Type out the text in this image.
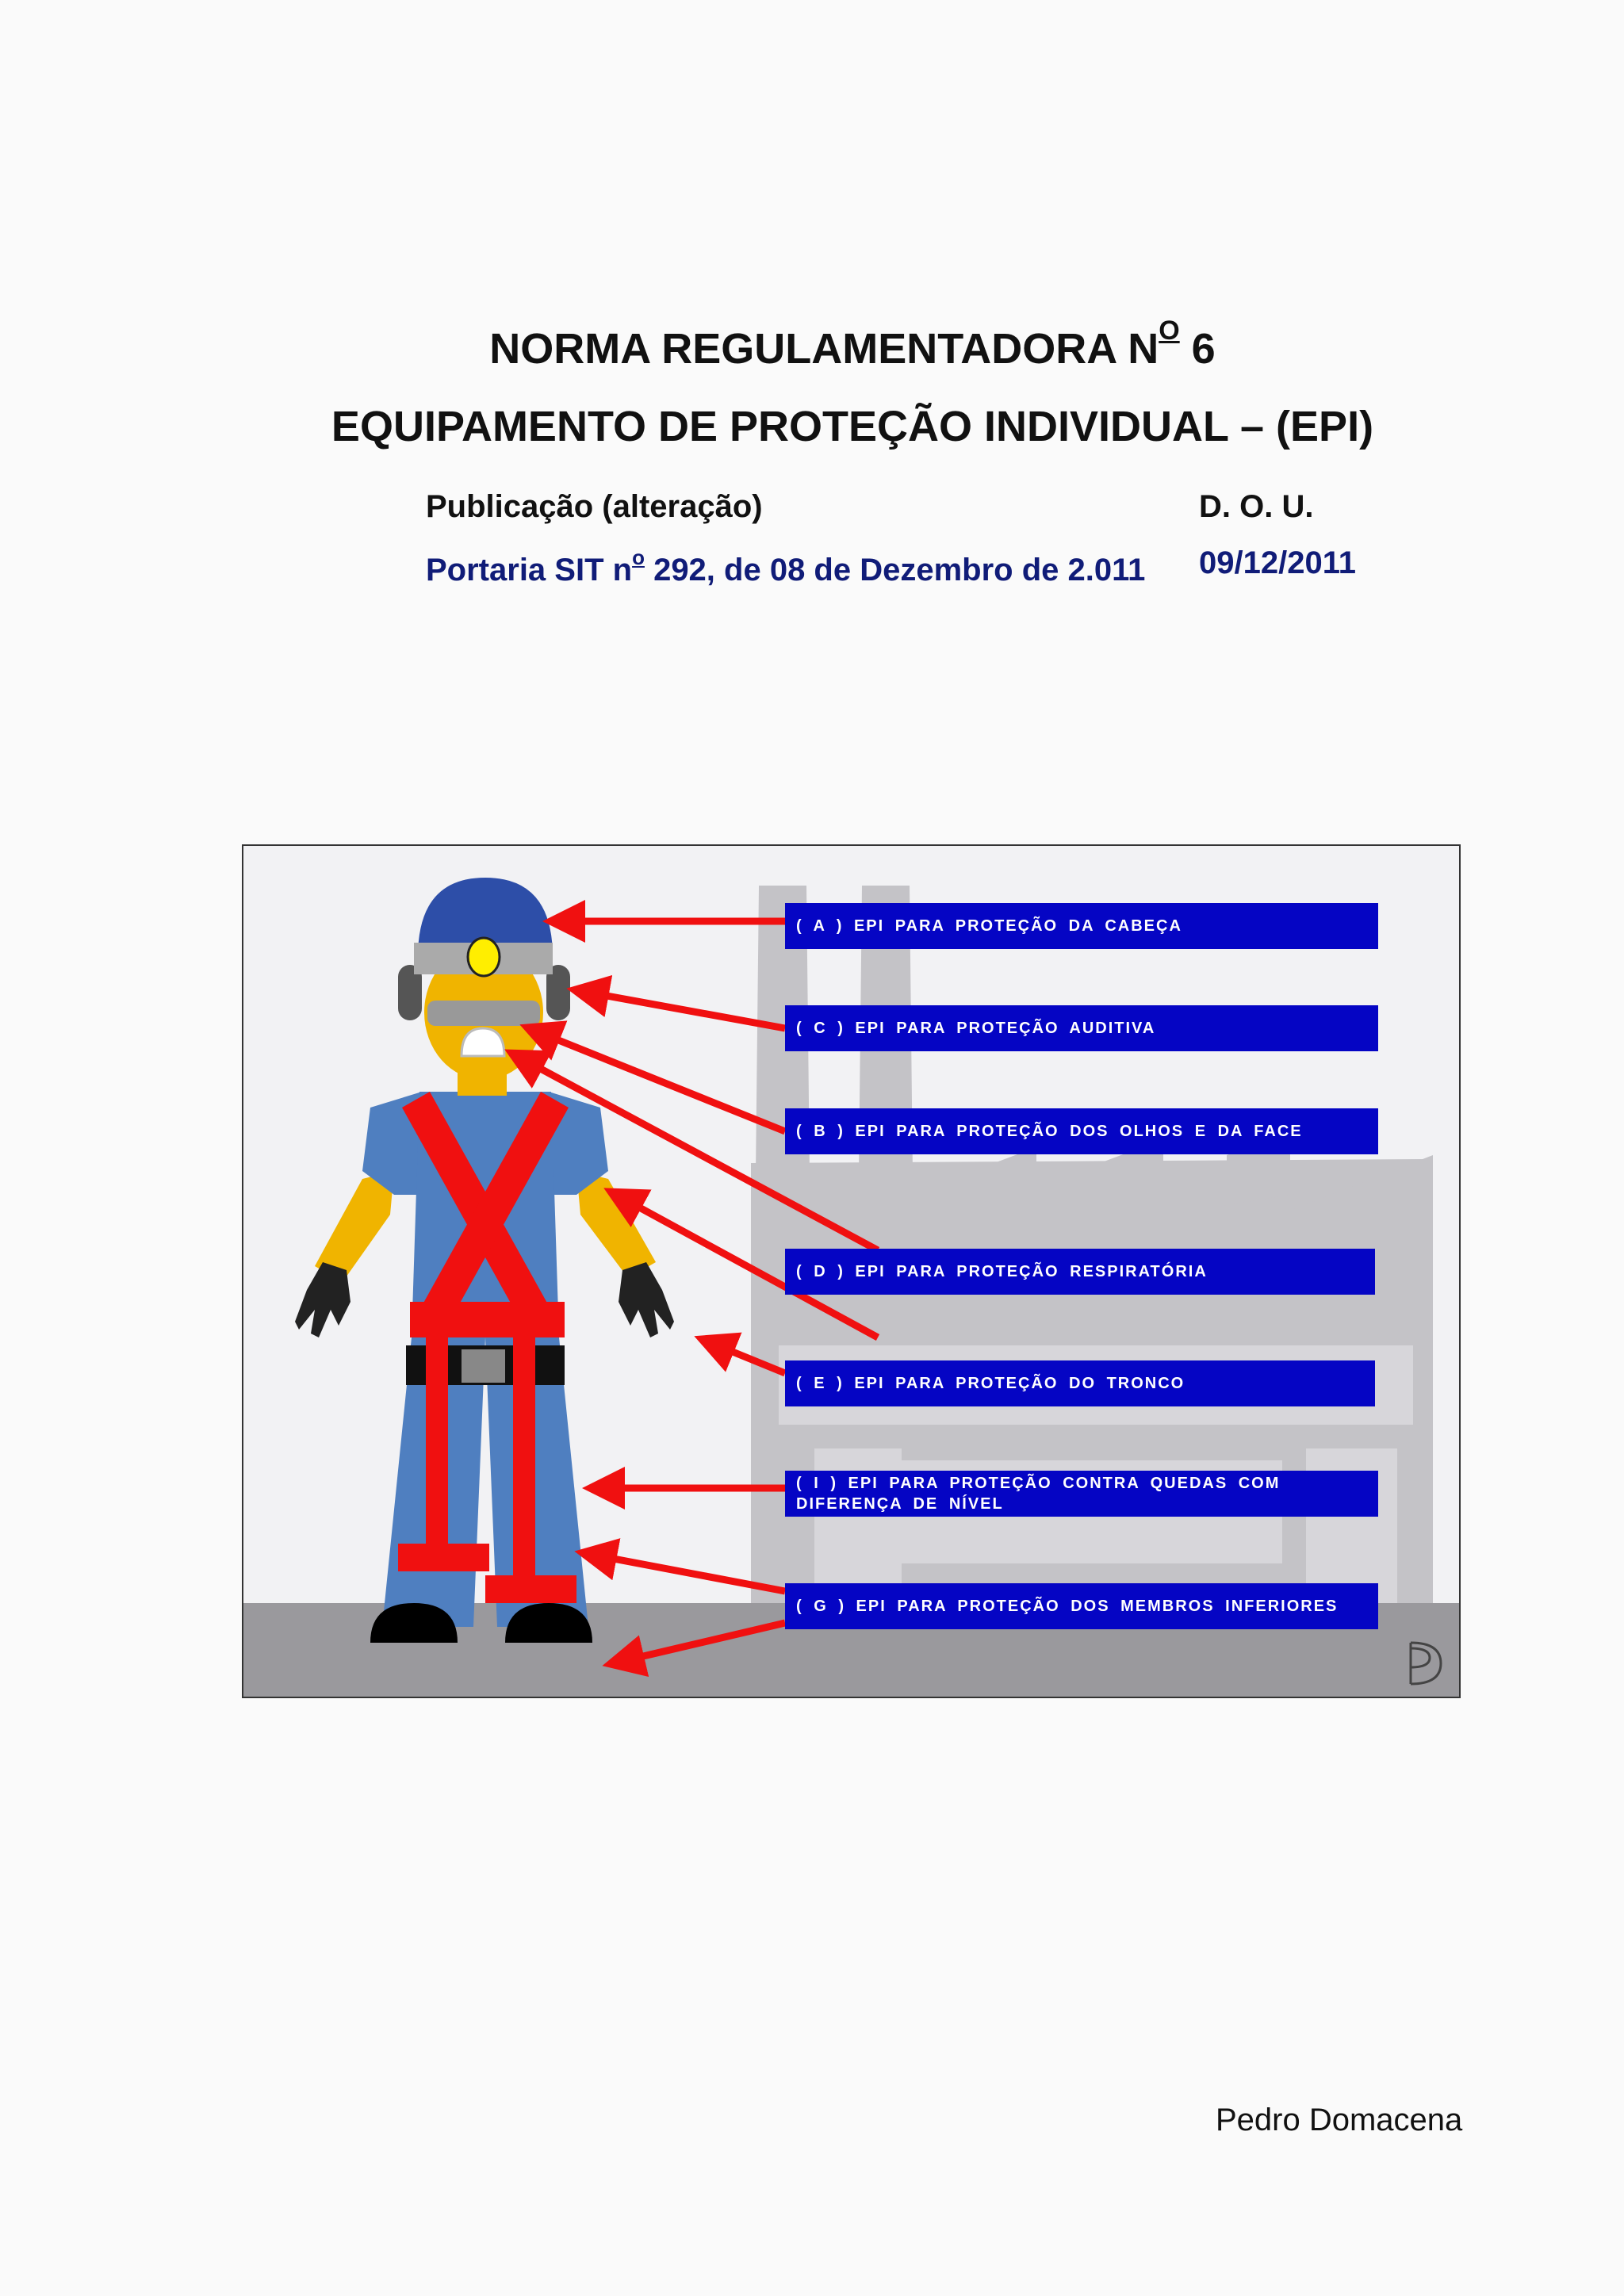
NORMA REGULAMENTADORA $N^O$ 6
EQUIPAMENTO DE PROTEÇÃO INDIVIDUAL – (EPI)
Publicação (alteração)	D. O. U.
Portaria SIT $n^o$ 292, de 08 de Dezembro de 2.011 09/12/2011
( A ) EPI PARA PROTEÇÃO DA CABEÇA
( C ) EPI PARA PROTEÇÃO AUDITIVA
( B ) EPI PARA PROTEÇÃO DOS OLHOS E DA FACE
( D ) EPI PARA PROTEÇÃO RESPIRATÓRIA
( E ) EPI PARA PROTEÇÃO DO TRONCO
( I ) EPI PARA PROTEÇÃO CONTRA QUEDAS COM DIFERENÇA DE NÍVEL
( G ) EPI PARA PROTEÇÃO DOS MEMBROS INFERIORES
Pedro Domacena
